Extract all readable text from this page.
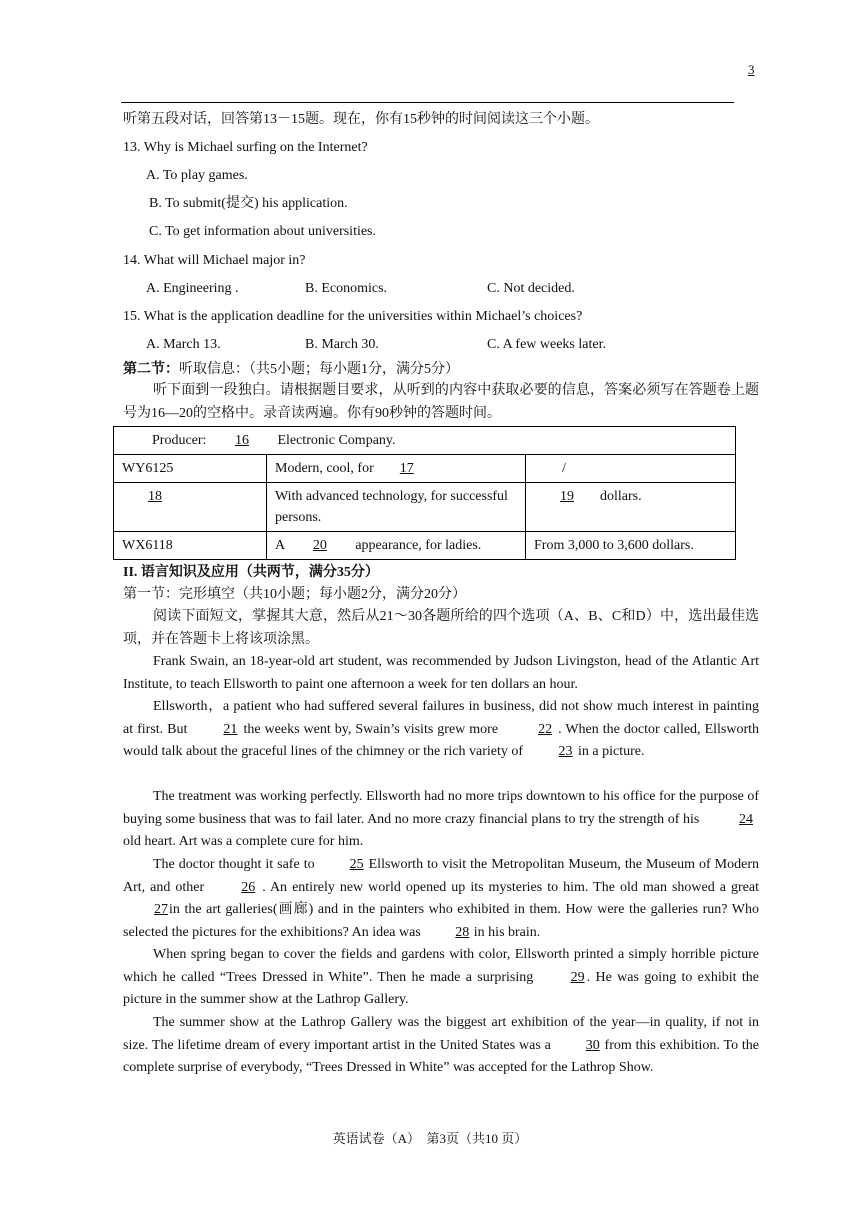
3
听第五段对话，回答第13－15题。现在，你有15秒钟的时间阅读这三个小题。
13. Why is Michael surfing on the Internet?
A. To play games.
B. To submit(提交) his application.
C. To get information about universities.
14. What will Michael major in?
A. Engineering .	B. Economics.	C. Not decided.
15. What is the application deadline for the universities within Michael’s choices?
A. March 13.	B. March 30.	C. A few weeks later.
第二节：听取信息：（共5小题；每小题1分，满分5分）

听下面到一段独白。请根据题目要求，从听到的内容中获取必要的信息，答案必须写在答题卷上题号为16—20的空格中。录音读两遍。你有90秒钟的答题时间。

Producer: 16 Electronic Company.		
WY6125	Modern, cool, for 17	/
18	With advanced technology, for successful persons.	19 dollars.
WX6118	A 20 appearance, for ladies.	From 3,000 to 3,600 dollars.
II. 语言知识及应用（共两节，满分35分）
第一节：完形填空（共10小题；每小题2分，满分20分）

阅读下面短文，掌握其大意，然后从21～30各题所给的四个选项（A、B、C和D）中，选出最佳选项，并在答题卡上将该项涂黑。

Frank Swain, an 18-year-old art student, was recommended by Judson Livingston, head of the Atlantic Art Institute, to teach Ellsworth to paint one afternoon a week for ten dollars an hour.

Ellsworth，a patient who had suffered several failures in business, did not show much interest in painting at first. But	21 the weeks went by, Swain’s visits grew more	22 . When the doctor called, Ellsworth would talk about the graceful lines of the chimney or the rich variety of	23 in a picture.

The treatment was working perfectly. Ellsworth had no more trips downtown to his office for the purpose of buying some business that was to fail later. And no more crazy financial plans to try the strength of his	24 old heart. Art was a complete cure for him.

The doctor thought it safe to	25 Ellsworth to visit the Metropolitan Museum, the Museum of Modern Art, and other	26 . An entirely new world opened up its mysteries to him. The old man showed a great 27in the art galleries(画廊) and in the painters who exhibited in them. How were the galleries run? Who selected the pictures for the exhibitions? An idea was 28 in his brain.

When spring began to cover the fields and gardens with color, Ellsworth printed a simply horrible picture which he called “Trees Dressed in White”. Then he made a surprising	29 . He was going to exhibit the picture in the summer show at the Lathrop Gallery.

The summer show at the Lathrop Gallery was the biggest art exhibition of the year—in quality, if not in size. The lifetime dream of every important artist in the United States was a 30 from this exhibition. To the complete surprise of everybody, “Trees Dressed in White” was accepted for the Lathrop Show.

英语试卷（A）　第3页（共10 页）
